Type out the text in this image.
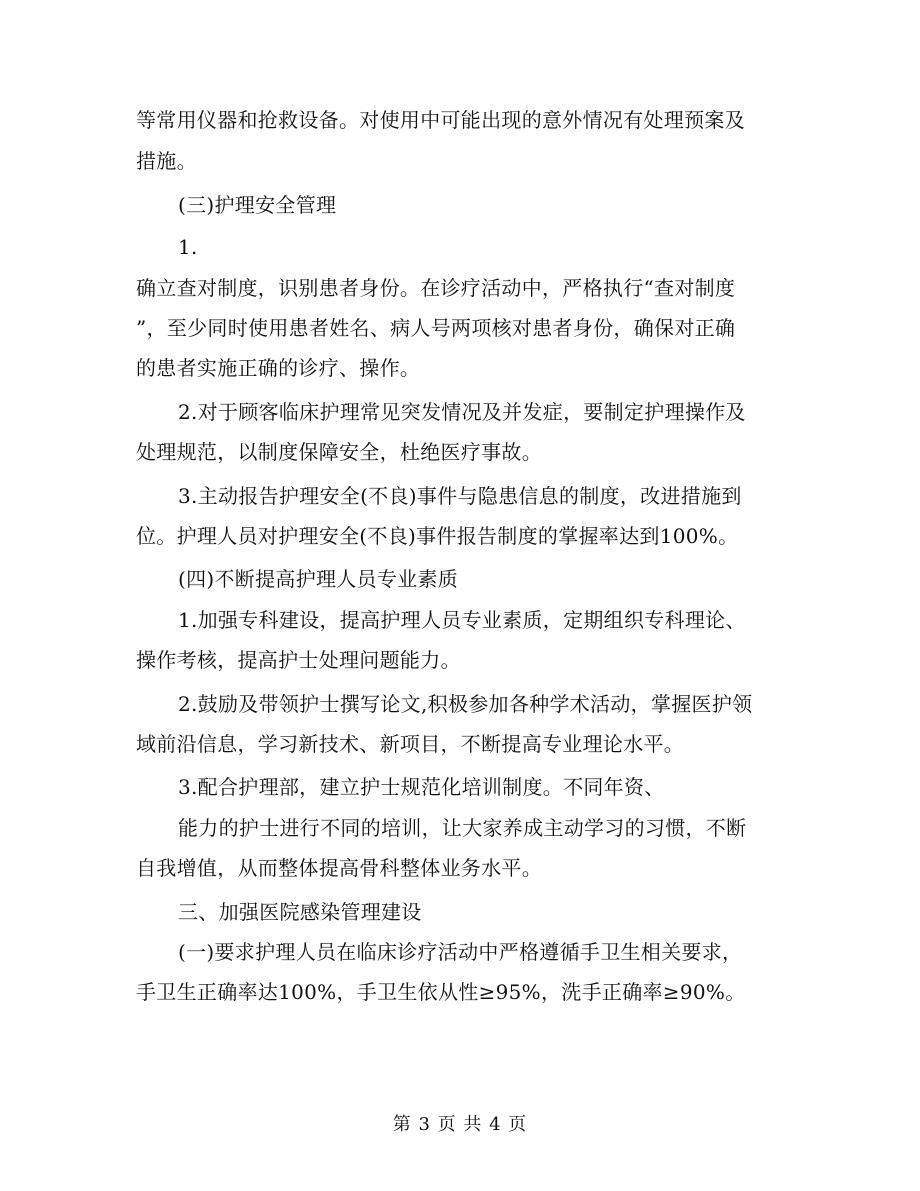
等常用仪器和抢救设备。对使用中可能出现的意外情况有处理预案及
措施。
(三)护理安全管理
1.
确立查对制度，识别患者身份。在诊疗活动中，严格执行“查对制度
”，至少同时使用患者姓名、病人号两项核对患者身份，确保对正确
的患者实施正确的诊疗、操作。
2.对于顾客临床护理常见突发情况及并发症，要制定护理操作及
处理规范，以制度保障安全，杜绝医疗事故。
3.主动报告护理安全(不良)事件与隐患信息的制度，改进措施到
位。护理人员对护理安全(不良)事件报告制度的掌握率达到100%。
(四)不断提高护理人员专业素质
1.加强专科建设，提高护理人员专业素质，定期组织专科理论、
操作考核，提高护士处理问题能力。
2.鼓励及带领护士撰写论文,积极参加各种学术活动，掌握医护领
域前沿信息，学习新技术、新项目，不断提高专业理论水平。
3.配合护理部，建立护士规范化培训制度。不同年资、
能力的护士进行不同的培训，让大家养成主动学习的习惯，不断
自我增值，从而整体提高骨科整体业务水平。
三、加强医院感染管理建设
(一)要求护理人员在临床诊疗活动中严格遵循手卫生相关要求，
手卫生正确率达100%，手卫生依从性≥95%，洗手正确率≥90%。
第 3 页 共 4 页
